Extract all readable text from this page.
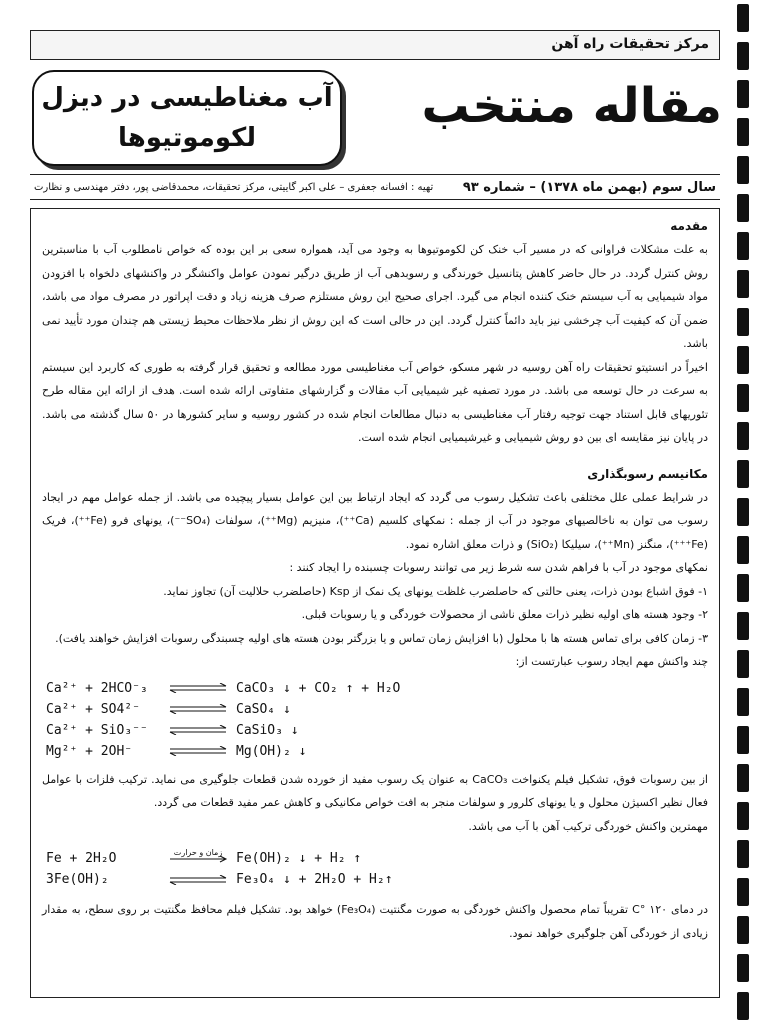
مرکز تحقیقات راه آهن
مقاله منتخب
آب مغناطیسی در دیزل
لکوموتیوها
سال سوم (بهمن ماه ۱۳۷۸) – شماره ۹۳
تهیه : افسانه جعفری – علی اکبر گاییتی، مرکز تحقیقات، محمدقاضی پور، دفتر مهندسی و نظارت
مقدمه

به علت مشکلات فراوانی که در مسیر آب خنک کن لکوموتیوها به وجود می آید، همواره سعی بر این بوده که خواص نامطلوب آب با مناسبترین روش کنترل گردد. در حال حاضر کاهش پتانسیل خورندگی و رسوبدهی آب از طریق درگیر نمودن عوامل واکنشگر در واکنشهای دلخواه با افزودن مواد شیمیایی به آب سیستم خنک کننده انجام می گیرد. اجرای صحیح این روش مستلزم صرف هزینه زیاد و دقت اپراتور در مصرف مواد می باشد، ضمن آن که کیفیت آب چرخشی نیز باید دائماً کنترل گردد. این در حالی است که این روش از نظر ملاحظات محیط زیستی هم چندان مورد تأیید نمی باشد.

اخیراً در انستیتو تحقیقات راه آهن روسیه در شهر مسکو، خواص آب مغناطیسی مورد مطالعه و تحقیق قرار گرفته به طوری که کاربرد این سیستم به سرعت در حال توسعه می باشد. در مورد تصفیه غیر شیمیایی آب مقالات و گزارشهای متفاوتی ارائه شده است. هدف از ارائه این مقاله طرح تئوریهای قابل استناد جهت توجیه رفتار آب مغناطیسی به دنبال مطالعات انجام شده در کشور روسیه و سایر کشورها در ۵۰ سال گذشته می باشد. در پایان نیز مقایسه ای بین دو روش شیمیایی و غیرشیمیایی انجام شده است.

مکانیسم رسوبگذاری

در شرایط عملی علل مختلفی باعث تشکیل رسوب می گردد که ایجاد ارتباط بین این عوامل بسیار پیچیده می باشد. از جمله عوامل مهم در ایجاد رسوب می توان به ناخالصیهای موجود در آب از جمله : نمکهای کلسیم (Ca⁺⁺)، منیزیم (Mg⁺⁺)، سولفات (SO₄⁻⁻)، یونهای فرو (Fe⁺⁺)، فریک (Fe⁺⁺⁺)، منگنز (Mn⁺⁺)، سیلیکا (SiO₂) و ذرات معلق اشاره نمود.

نمکهای موجود در آب با فراهم شدن سه شرط زیر می توانند رسوبات چسبنده را ایجاد کنند :

۱- فوق اشباع بودن ذرات، یعنی حالتی که حاصلضرب غلظت یونهای یک نمک از Ksp (حاصلضرب حلالیت آن) تجاوز نماید.

۲- وجود هسته های اولیه نظیر ذرات معلق ناشی از محصولات خوردگی و یا رسوبات قبلی.

۳- زمان کافی برای تماس هسته ها با محلول (با افزایش زمان تماس و یا بزرگتر بودن هسته های اولیه چسبندگی رسوبات افزایش خواهند یافت).

چند واکنش مهم ایجاد رسوب عبارتست از:

Ca²⁺ + 2HCO⁻₃	CaCO₃ ↓ + CO₂ ↑ + H₂O
Ca²⁺ + SO4²⁻	CaSO₄ ↓
Ca²⁺ + SiO₃⁻⁻	CaSiO₃ ↓
Mg²⁺ + 2OH⁻	Mg(OH)₂ ↓

از بین رسوبات فوق، تشکیل فیلم یکنواخت CaCO₃ به عنوان یک رسوب مفید از خورده شدن قطعات جلوگیری می نماید. ترکیب فلزات با عوامل فعال نظیر اکسیژن محلول و یا یونهای کلرور و سولفات منجر به افت خواص مکانیکی و کاهش عمر مفید قطعات می گردد.

مهمترین واکنش خوردگی ترکیب آهن با آب می باشد.

Fe + 2H₂O	زمان و حرارت	Fe(OH)₂ ↓ + H₂ ↑
3Fe(OH)₂	Fe₃O₄ ↓ + 2H₂O + H₂↑

در دمای ۱۲۰ °C تقریباً تمام محصول واکنش خوردگی به صورت مگنتیت (Fe₃O₄) خواهد بود. تشکیل فیلم محافظ مگنتیت بر روی سطح، به مقدار زیادی از خوردگی آهن جلوگیری خواهد نمود.
